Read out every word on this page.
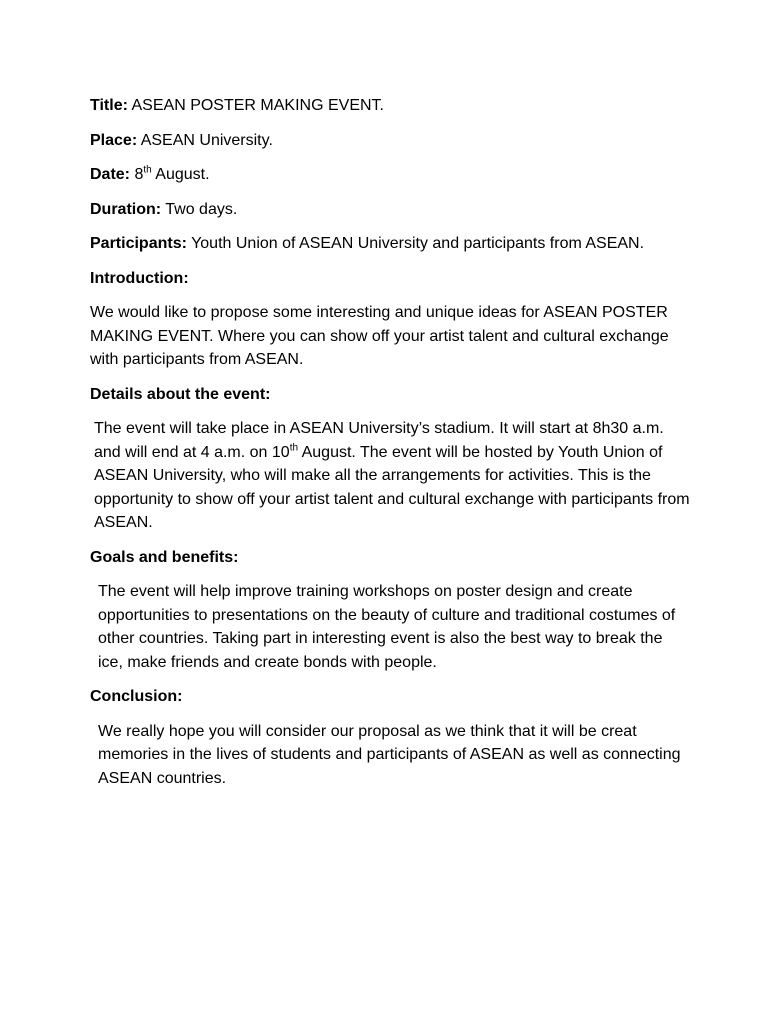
Title: ASEAN POSTER MAKING EVENT.

Place: ASEAN University.

Date: 8th August.

Duration: Two days.

Participants: Youth Union of ASEAN University and participants from ASEAN.

Introduction:

We would like to propose some interesting and unique ideas for ASEAN POSTER MAKING EVENT. Where you can show off your artist talent and cultural exchange with participants from ASEAN.

Details about the event:

The event will take place in ASEAN University’s stadium. It will start at 8h30 a.m. and will end at 4 a.m. on 10th August. The event will be hosted by Youth Union of ASEAN University, who will make all the arrangements for activities. This is the opportunity to show off your artist talent and cultural exchange with participants from ASEAN.

Goals and benefits:

The event will help improve training workshops on poster design and create opportunities to presentations on the beauty of culture and traditional costumes of other countries. Taking part in interesting event is also the best way to break the ice, make friends and create bonds with people.

Conclusion:

We really hope you will consider our proposal as we think that it will be creat memories in the lives of students and participants of ASEAN as well as connecting ASEAN countries.
